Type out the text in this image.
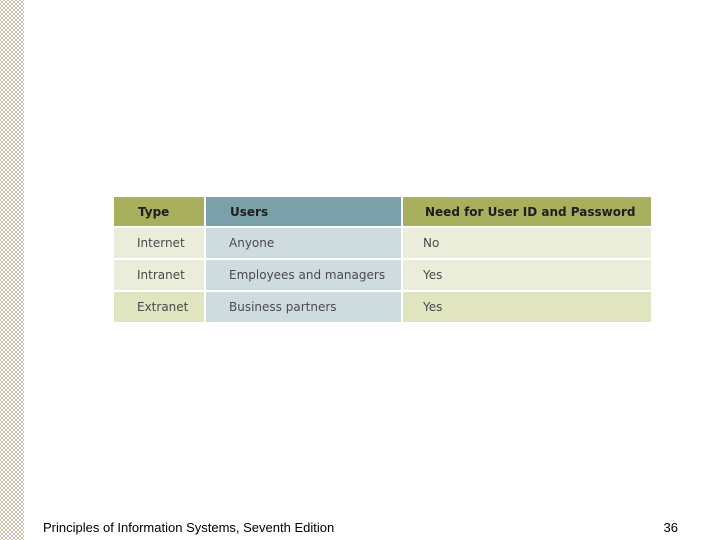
Type	Users	Need for User ID and Password
Internet	Anyone	No
Intranet	Employees and managers	Yes
Extranet	Business partners	Yes
Principles of Information Systems, Seventh Edition	36
